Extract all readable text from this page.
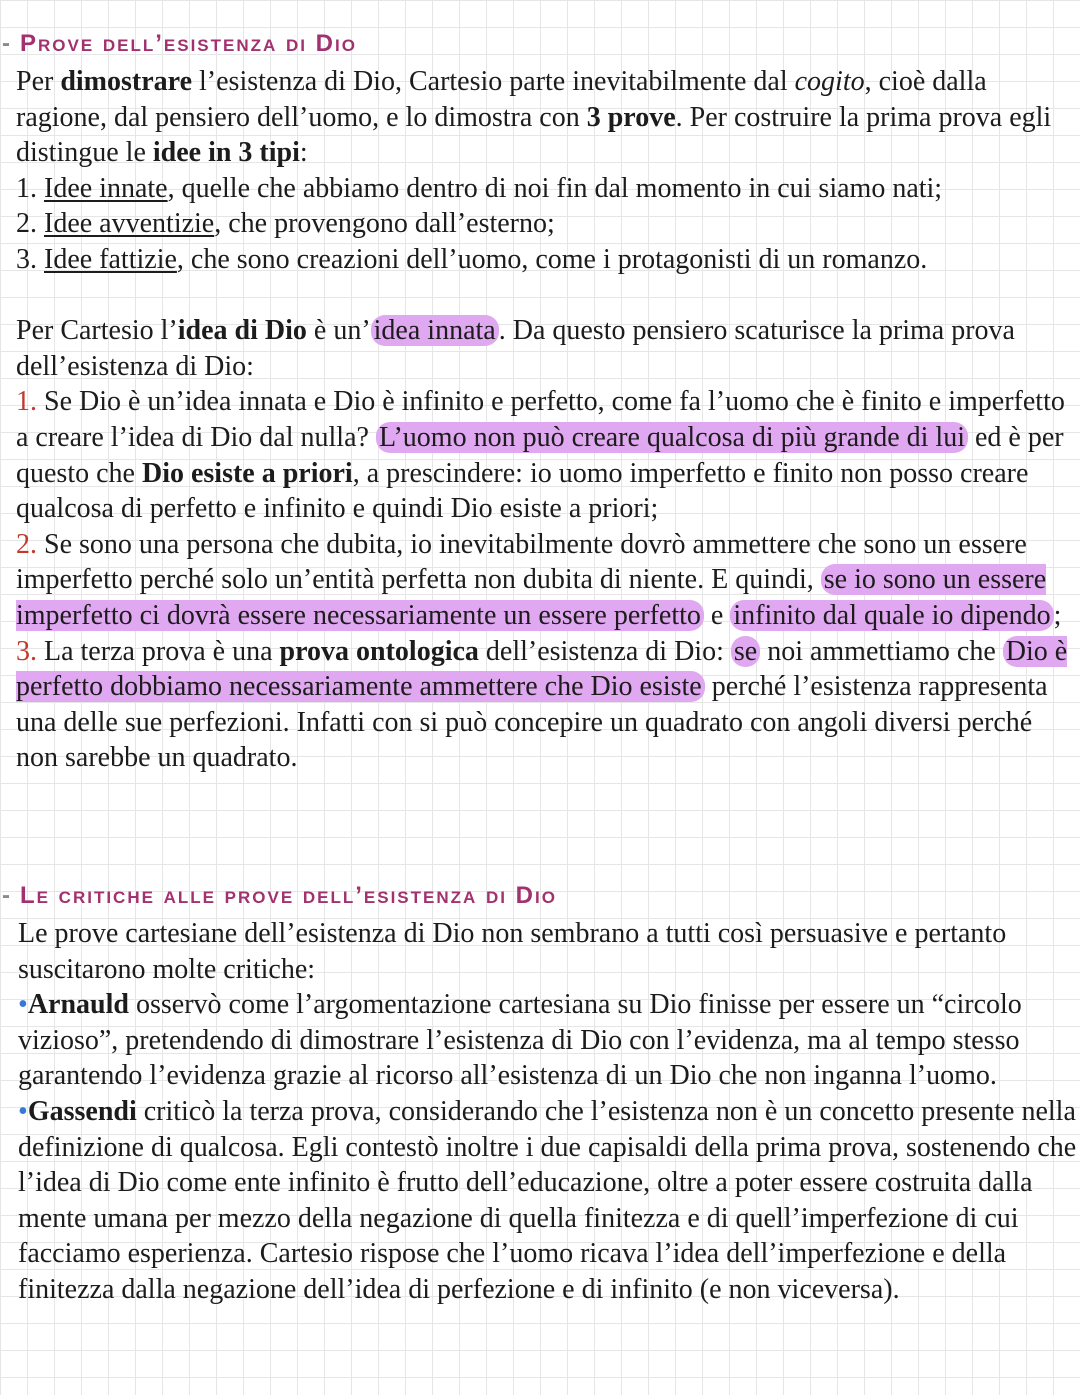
- Prove dell’esistenza di Dio

Per dimostrare l’esistenza di Dio, Cartesio parte inevitabilmente dal cogito, cioè dalla ragione, dal pensiero dell’uomo, e lo dimostra con 3 prove. Per costruire la prima prova egli distingue le idee in 3 tipi:

1. Idee innate, quelle che abbiamo dentro di noi fin dal momento in cui siamo nati;

2. Idee avventizie, che provengono dall’esterno;

3. Idee fattizie, che sono creazioni dell’uomo, come i protagonisti di un romanzo.

Per Cartesio l’idea di Dio è un’ idea innata . Da questo pensiero scaturisce la prima prova dell’esistenza di Dio:

1. Se Dio è un’idea innata e Dio è infinito e perfetto, come fa l’uomo che è finito e imperfetto a creare l’idea di Dio dal nulla? L’uomo non può creare qualcosa di più grande di lui ed è per questo che Dio esiste a priori, a prescindere: io uomo imperfetto e finito non posso creare qualcosa di perfetto e infinito e quindi Dio esiste a priori;

2. Se sono una persona che dubita, io inevitabilmente dovrò ammettere che sono un essere imperfetto perché solo un’entità perfetta non dubita di niente. E quindi, se io sono un essere imperfetto ci dovrà essere necessariamente un essere perfetto e infinito dal quale io dipendo ;

3. La terza prova è una prova ontologica dell’esistenza di Dio: se noi ammettiamo che Dio è perfetto dobbiamo necessariamente ammettere che Dio esiste perché l’esistenza rappresenta una delle sue perfezioni. Infatti con si può concepire un quadrato con angoli diversi perché non sarebbe un quadrato.

- Le critiche alle prove dell’esistenza di Dio

Le prove cartesiane dell’esistenza di Dio non sembrano a tutti così persuasive e pertanto suscitarono molte critiche:

•Arnauld osservò come l’argomentazione cartesiana su Dio finisse per essere un “circolo vizioso”, pretendendo di dimostrare l’esistenza di Dio con l’evidenza, ma al tempo stesso garantendo l’evidenza grazie al ricorso all’esistenza di un Dio che non inganna l’uomo.

•Gassendi criticò la terza prova, considerando che l’esistenza non è un concetto presente nella definizione di qualcosa. Egli contestò inoltre i due capisaldi della prima prova, sostenendo che l’idea di Dio come ente infinito è frutto dell’educazione, oltre a poter essere costruita dalla mente umana per mezzo della negazione di quella finitezza e di quell’imperfezione di cui facciamo esperienza. Cartesio rispose che l’uomo ricava l’idea dell’imperfezione e della finitezza dalla negazione dell’idea di perfezione e di infinito (e non viceversa).
